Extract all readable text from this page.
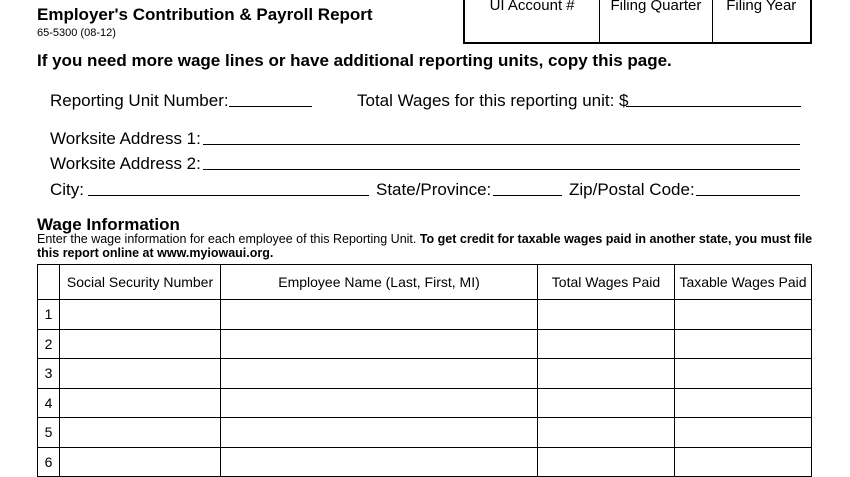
Employer's Contribution & Payroll Report
65-5300 (08-12)
UI Account #	Filing Quarter	Filing Year
If you need more wage lines or have additional reporting units, copy this page.
Reporting Unit Number:	Total Wages for this reporting unit: $
Worksite Address 1:
Worksite Address 2:
City:	State/Province:	Zip/Postal Code:
Wage Information
Enter the wage information for each employee of this Reporting Unit. To get credit for taxable wages paid in another state, you must file this report online at www.myiowaui.org.
	Social Security Number	Employee Name (Last, First, MI)	Total Wages Paid	Taxable Wages Paid
1				
2				
3				
4				
5				
6				
